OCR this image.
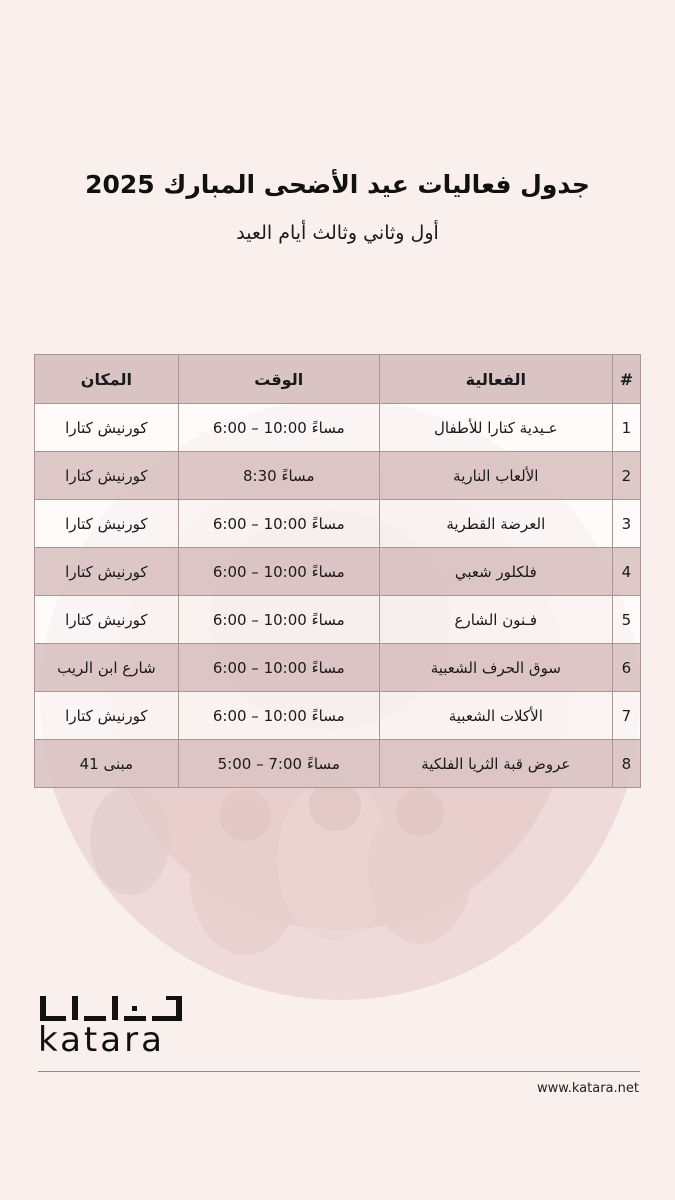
جدول فعاليات عيد الأضحى المبارك 2025
أول وثاني وثالث أيام العيد
#	الفعالية	الوقت	المكان
1	عـيدية كتارا للأطفال	6:00 – 10:00 مساءً	كورنيش كتارا
2	الألعاب النارية	8:30 مساءً	كورنيش كتارا
3	العرضة القطرية	6:00 – 10:00 مساءً	كورنيش كتارا
4	فلكلور شعبي	6:00 – 10:00 مساءً	كورنيش كتارا
5	فـنون الشارع	6:00 – 10:00 مساءً	كورنيش كتارا
6	سوق الحرف الشعبية	6:00 – 10:00 مساءً	شارع ابن الريب
7	الأكلات الشعبية	6:00 – 10:00 مساءً	كورنيش كتارا
8	عروض قبة الثريا الفلكية	5:00 – 7:00 مساءً	مبنى 41
katara
www.katara.net
